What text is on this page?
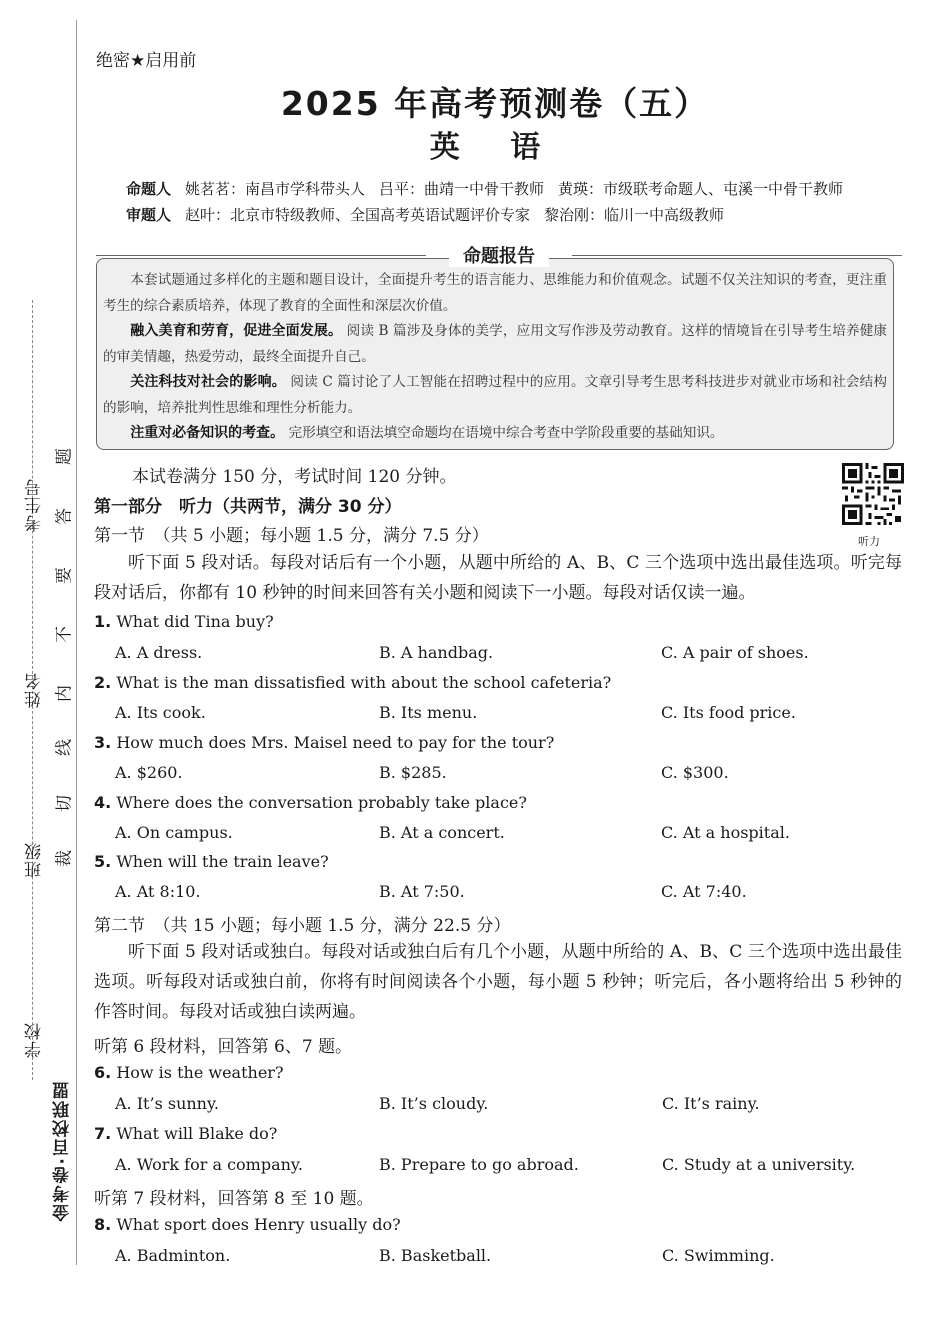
考生号
姓名
班级
学校
金考卷·百校联盟
题
答
要
不
内
线
切
裁
绝密★启用前
2025 年高考预测卷（五）
英 语
命题人 姚茗茗：南昌市学科带头人 吕平：曲靖一中骨干教师 黄瑛：市级联考命题人、屯溪一中骨干教师
审题人 赵叶：北京市特级教师、全国高考英语试题评价专家 黎治刚：临川一中高级教师

本套试题通过多样化的主题和题目设计，全面提升考生的语言能力、思维能力和价值观念。试题不仅关注知识的考查，更注重考生的综合素质培养，体现了教育的全面性和深层次价值。

融入美育和劳育，促进全面发展。 阅读 B 篇涉及身体的美学，应用文写作涉及劳动教育。这样的情境旨在引导考生培养健康的审美情趣，热爱劳动，最终全面提升自己。

关注科技对社会的影响。 阅读 C 篇讨论了人工智能在招聘过程中的应用。文章引导考生思考科技进步对就业市场和社会结构的影响，培养批判性思维和理性分析能力。

注重对必备知识的考查。 完形填空和语法填空命题均在语境中综合考查中学阶段重要的基础知识。

命题报告
听力
本试卷满分 150 分，考试时间 120 分钟。
第一部分　听力（共两节，满分 30 分）
第一节　（共 5 小题；每小题 1.5 分，满分 7.5 分）
听下面 5 段对话。每段对话后有一个小题，从题中所给的 A、B、C 三个选项中选出最佳选项。听完每段对话后，你都有 10 秒钟的时间来回答有关小题和阅读下一小题。每段对话仅读一遍。
1. What did Tina buy?
A. A dress.	B. A handbag.	C. A pair of shoes.
2. What is the man dissatisfied with about the school cafeteria?
A. Its cook.	B. Its menu.	C. Its food price.
3. How much does Mrs. Maisel need to pay for the tour?
A. $260.	B. $285.	C. $300.
4. Where does the conversation probably take place?
A. On campus.	B. At a concert.	C. At a hospital.
5. When will the train leave?
A. At 8:10.	B. At 7:50.	C. At 7:40.
第二节　（共 15 小题；每小题 1.5 分，满分 22.5 分）
听下面 5 段对话或独白。每段对话或独白后有几个小题，从题中所给的 A、B、C 三个选项中选出最佳选项。听每段对话或独白前，你将有时间阅读各个小题，每小题 5 秒钟；听完后，各小题将给出 5 秒钟的作答时间。每段对话或独白读两遍。
听第 6 段材料，回答第 6、7 题。
6. How is the weather?
A. It’s sunny.	B. It’s cloudy.	C. It’s rainy.
7. What will Blake do?
A. Work for a company.	B. Prepare to go abroad.	C. Study at a university.
听第 7 段材料，回答第 8 至 10 题。
8. What sport does Henry usually do?
A. Badminton.	B. Basketball.	C. Swimming.
